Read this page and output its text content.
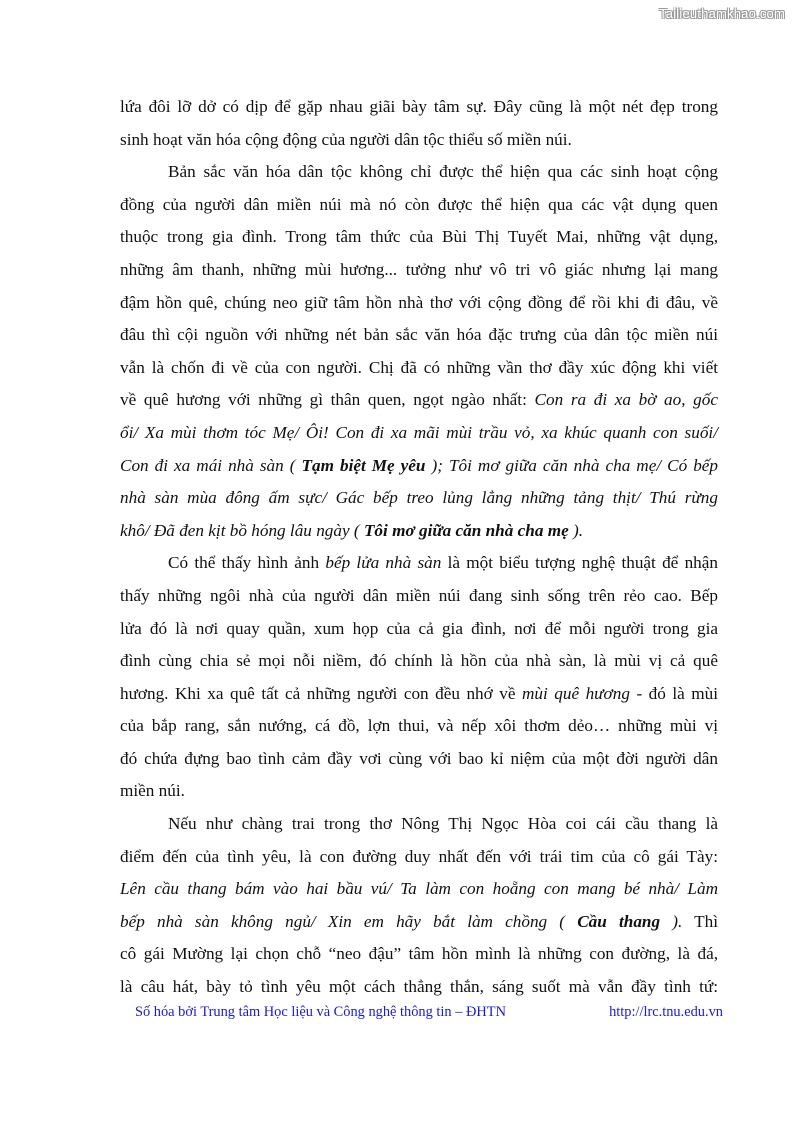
Tailieuthamkhao.com
lứa đôi lỡ dở có dịp để gặp nhau giãi bày tâm sự. Đây cũng là một nét đẹp trong
sinh hoạt văn hóa cộng động của người dân tộc thiểu số miền núi.
Bản sắc văn hóa dân tộc không chỉ được thể hiện qua các sinh hoạt cộng
đồng của người dân miền núi mà nó còn được thể hiện qua các vật dụng quen
thuộc trong gia đình. Trong tâm thức của Bùi Thị Tuyết Mai, những vật dụng,
những âm thanh, những mùi hương... tưởng như vô tri vô giác nhưng lại mang
đậm hồn quê, chúng neo giữ tâm hồn nhà thơ với cộng đồng để rồi khi đi đâu, về
đâu thì cội nguồn với những nét bản sắc văn hóa đặc trưng của dân tộc miền núi
vẫn là chốn đi về của con người. Chị đã có những vần thơ đầy xúc động khi viết
về quê hương với những gì thân quen, ngọt ngào nhất: Con ra đi xa bờ ao, gốc
ổi/ Xa mùi thơm tóc Mẹ/ Ôi! Con đi xa mãi mùi trầu vỏ, xa khúc quanh con suối/
Con đi xa mái nhà sàn ( Tạm biệt Mẹ yêu ); Tôi mơ giữa căn nhà cha mẹ/ Có bếp
nhà sàn mùa đông ấm sực/ Gác bếp treo lủng lẳng những tảng thịt/ Thú rừng
khô/ Đã đen kịt bồ hóng lâu ngày ( Tôi mơ giữa căn nhà cha mẹ ).
Có thể thấy hình ảnh bếp lửa nhà sàn là một biểu tượng nghệ thuật để nhận
thấy những ngôi nhà của người dân miền núi đang sinh sống trên rẻo cao. Bếp
lửa đó là nơi quay quần, xum họp của cả gia đình, nơi để mỗi người trong gia
đình cùng chia sẻ mọi nỗi niềm, đó chính là hồn của nhà sàn, là mùi vị cả quê
hương. Khi xa quê tất cả những người con đều nhớ về mùi quê hương - đó là mùi
của bắp rang, sắn nướng, cá đồ, lợn thui, và nếp xôi thơm dẻo… những mùi vị
đó chứa đựng bao tình cảm đầy vơi cùng với bao kỉ niệm của một đời người dân
miền núi.
Nếu như chàng trai trong thơ Nông Thị Ngọc Hòa coi cái cầu thang là
điểm đến của tình yêu, là con đường duy nhất đến với trái tim của cô gái Tày:
Lên cầu thang bám vào hai bầu vú/ Ta làm con hoẵng con mang bé nhà/ Làm
bếp nhà sàn không ngủ/ Xin em hãy bắt làm chồng ( Cầu thang ). Thì
cô gái Mường lại chọn chỗ “neo đậu” tâm hồn mình là những con đường, là đá,
là câu hát, bày tỏ tình yêu một cách thẳng thắn, sáng suốt mà vẫn đầy tình tứ:
Số hóa bởi Trung tâm Học liệu và Công nghệ thông tin – ĐHTN	http://lrc.tnu.edu.vn
